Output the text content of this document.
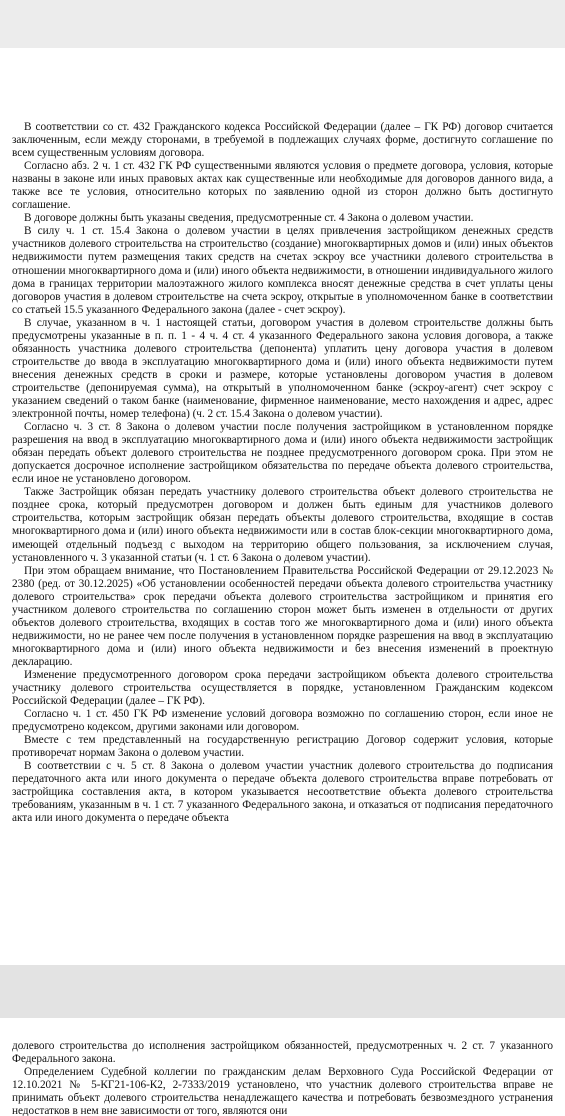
В соответствии со ст. 432 Гражданского кодекса Российской Федерации (далее – ГК РФ) договор считается заключенным, если между сторонами, в требуемой в подлежащих случаях форме, достигнуто соглашение по всем существенным условиям договора.

Согласно абз. 2 ч. 1 ст. 432 ГК РФ существенными являются условия о предмете договора, условия, которые названы в законе или иных правовых актах как существенные или необходимые для договоров данного вида, а также все те условия, относительно которых по заявлению одной из сторон должно быть достигнуто соглашение.

В договоре должны быть указаны сведения, предусмотренные ст. 4 Закона о долевом участии.

В силу ч. 1 ст. 15.4 Закона о долевом участии в целях привлечения застройщиком денежных средств участников долевого строительства на строительство (создание) многоквартирных домов и (или) иных объектов недвижимости путем размещения таких средств на счетах эскроу все участники долевого строительства в отношении многоквартирного дома и (или) иного объекта недвижимости, в отношении индивидуального жилого дома в границах территории малоэтажного жилого комплекса вносят денежные средства в счет уплаты цены договоров участия в долевом строительстве на счета эскроу, открытые в уполномоченном банке в соответствии со статьей 15.5 указанного Федерального закона (далее - счет эскроу).

В случае, указанном в ч. 1 настоящей статьи, договором участия в долевом строительстве должны быть предусмотрены указанные в п. п. 1 - 4 ч. 4 ст. 4 указанного Федерального закона условия договора, а также обязанность участника долевого строительства (депонента) уплатить цену договора участия в долевом строительстве до ввода в эксплуатацию многоквартирного дома и (или) иного объекта недвижимости путем внесения денежных средств в сроки и размере, которые установлены договором участия в долевом строительстве (депонируемая сумма), на открытый в уполномоченном банке (эскроу-агент) счет эскроу с указанием сведений о таком банке (наименование, фирменное наименование, место нахождения и адрес, адрес электронной почты, номер телефона) (ч. 2 ст. 15.4 Закона о долевом участии).

Согласно ч. 3 ст. 8 Закона о долевом участии после получения застройщиком в установленном порядке разрешения на ввод в эксплуатацию многоквартирного дома и (или) иного объекта недвижимости застройщик обязан передать объект долевого строительства не позднее предусмотренного договором срока. При этом не допускается досрочное исполнение застройщиком обязательства по передаче объекта долевого строительства, если иное не установлено договором.

Также Застройщик обязан передать участнику долевого строительства объект долевого строительства не позднее срока, который предусмотрен договором и должен быть единым для участников долевого строительства, которым застройщик обязан передать объекты долевого строительства, входящие в состав многоквартирного дома и (или) иного объекта недвижимости или в состав блок-секции многоквартирного дома, имеющей отдельный подъезд с выходом на территорию общего пользования, за исключением случая, установленного ч. 3 указанной статьи (ч. 1 ст. 6 Закона о долевом участии).

При этом обращаем внимание, что Постановлением Правительства Российской Федерации от 29.12.2023 № 2380 (ред. от 30.12.2025) «Об установлении особенностей передачи объекта долевого строительства участнику долевого строительства» срок передачи объекта долевого строительства застройщиком и принятия его участником долевого строительства по соглашению сторон может быть изменен в отдельности от других объектов долевого строительства, входящих в состав того же многоквартирного дома и (или) иного объекта недвижимости, но не ранее чем после получения в установленном порядке разрешения на ввод в эксплуатацию многоквартирного дома и (или) иного объекта недвижимости и без внесения изменений в проектную декларацию.

Изменение предусмотренного договором срока передачи застройщиком объекта долевого строительства участнику долевого строительства осуществляется в порядке, установленном Гражданским кодексом Российской Федерации (далее – ГК РФ).

Согласно ч. 1 ст. 450 ГК РФ изменение условий договора возможно по соглашению сторон, если иное не предусмотрено кодексом, другими законами или договором.

Вместе с тем представленный на государственную регистрацию Договор содержит условия, которые противоречат нормам Закона о долевом участии.

В соответствии с ч. 5 ст. 8 Закона о долевом участии участник долевого строительства до подписания передаточного акта или иного документа о передаче объекта долевого строительства вправе потребовать от застройщика составления акта, в котором указывается несоответствие объекта долевого строительства требованиям, указанным в ч. 1 ст. 7 указанного Федерального закона, и отказаться от подписания передаточного акта или иного документа о передаче объекта

долевого строительства до исполнения застройщиком обязанностей, предусмотренных ч. 2 ст. 7 указанного Федерального закона.

Определением Судебной коллегии по гражданским делам Верховного Суда Российской Федерации от 12.10.2021 № 5-КГ21-106-К2, 2-7333/2019 установлено, что участник долевого строительства вправе не принимать объект долевого строительства ненадлежащего качества и потребовать безвозмездного устранения недостатков в нем вне зависимости от того, являются они
